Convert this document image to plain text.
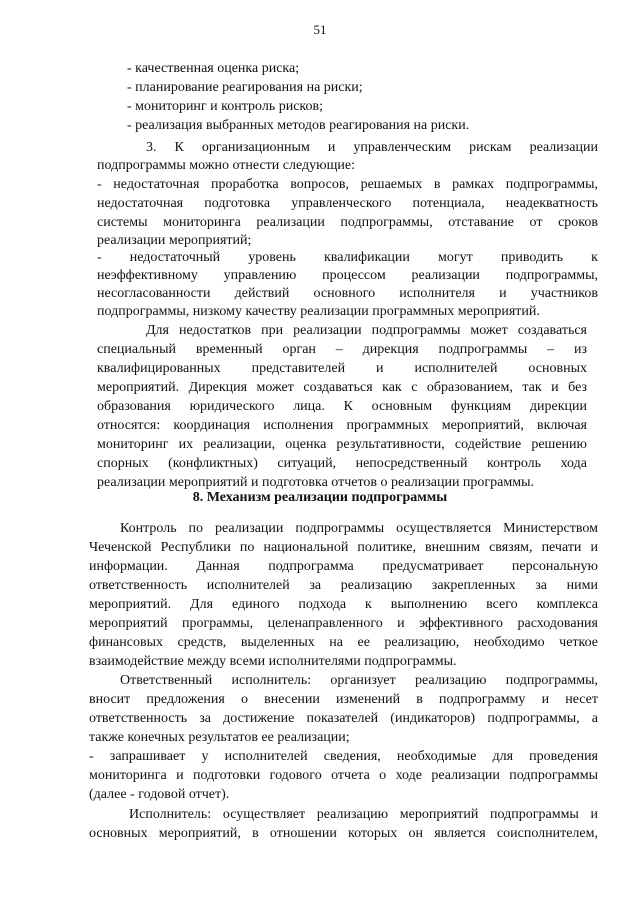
51
- качественная оценка риска;
- планирование реагирования на риски;
- мониторинг и контроль рисков;
- реализация выбранных методов реагирования на риски.
3. К организационным и управленческим рискам реализации
подпрограммы можно отнести следующие:
- недостаточная проработка вопросов, решаемых в рамках подпрограммы,
недостаточная подготовка управленческого потенциала, неадекватность
системы мониторинга реализации подпрограммы, отставание от сроков
реализации мероприятий;
- недостаточный уровень квалификации могут приводить к
неэффективному управлению процессом реализации подпрограммы,
несогласованности действий основного исполнителя и участников
подпрограммы, низкому качеству реализации программных мероприятий.
Для недостатков при реализации подпрограммы может создаваться
специальный временный орган – дирекция подпрограммы – из
квалифицированных представителей и исполнителей основных
мероприятий. Дирекция может создаваться как с образованием, так и без
образования юридического лица. К основным функциям дирекции
относятся: координация исполнения программных мероприятий, включая
мониторинг их реализации, оценка результативности, содействие решению
спорных (конфликтных) ситуаций, непосредственный контроль хода
реализации мероприятий и подготовка отчетов о реализации программы.
8. Механизм реализации подпрограммы
Контроль по реализации подпрограммы осуществляется Министерством
Чеченской Республики по национальной политике, внешним связям, печати и
информации. Данная подпрограмма предусматривает персональную
ответственность исполнителей за реализацию закрепленных за ними
мероприятий. Для единого подхода к выполнению всего комплекса
мероприятий программы, целенаправленного и эффективного расходования
финансовых средств, выделенных на ее реализацию, необходимо четкое
взаимодействие между всеми исполнителями подпрограммы.
Ответственный исполнитель: организует реализацию подпрограммы,
вносит предложения о внесении изменений в подпрограмму и несет
ответственность за достижение показателей (индикаторов) подпрограммы, а
также конечных результатов ее реализации;
- запрашивает у исполнителей сведения, необходимые для проведения
мониторинга и подготовки годового отчета о ходе реализации подпрограммы
(далее - годовой отчет).
Исполнитель: осуществляет реализацию мероприятий подпрограммы и
основных мероприятий, в отношении которых он является соисполнителем,
